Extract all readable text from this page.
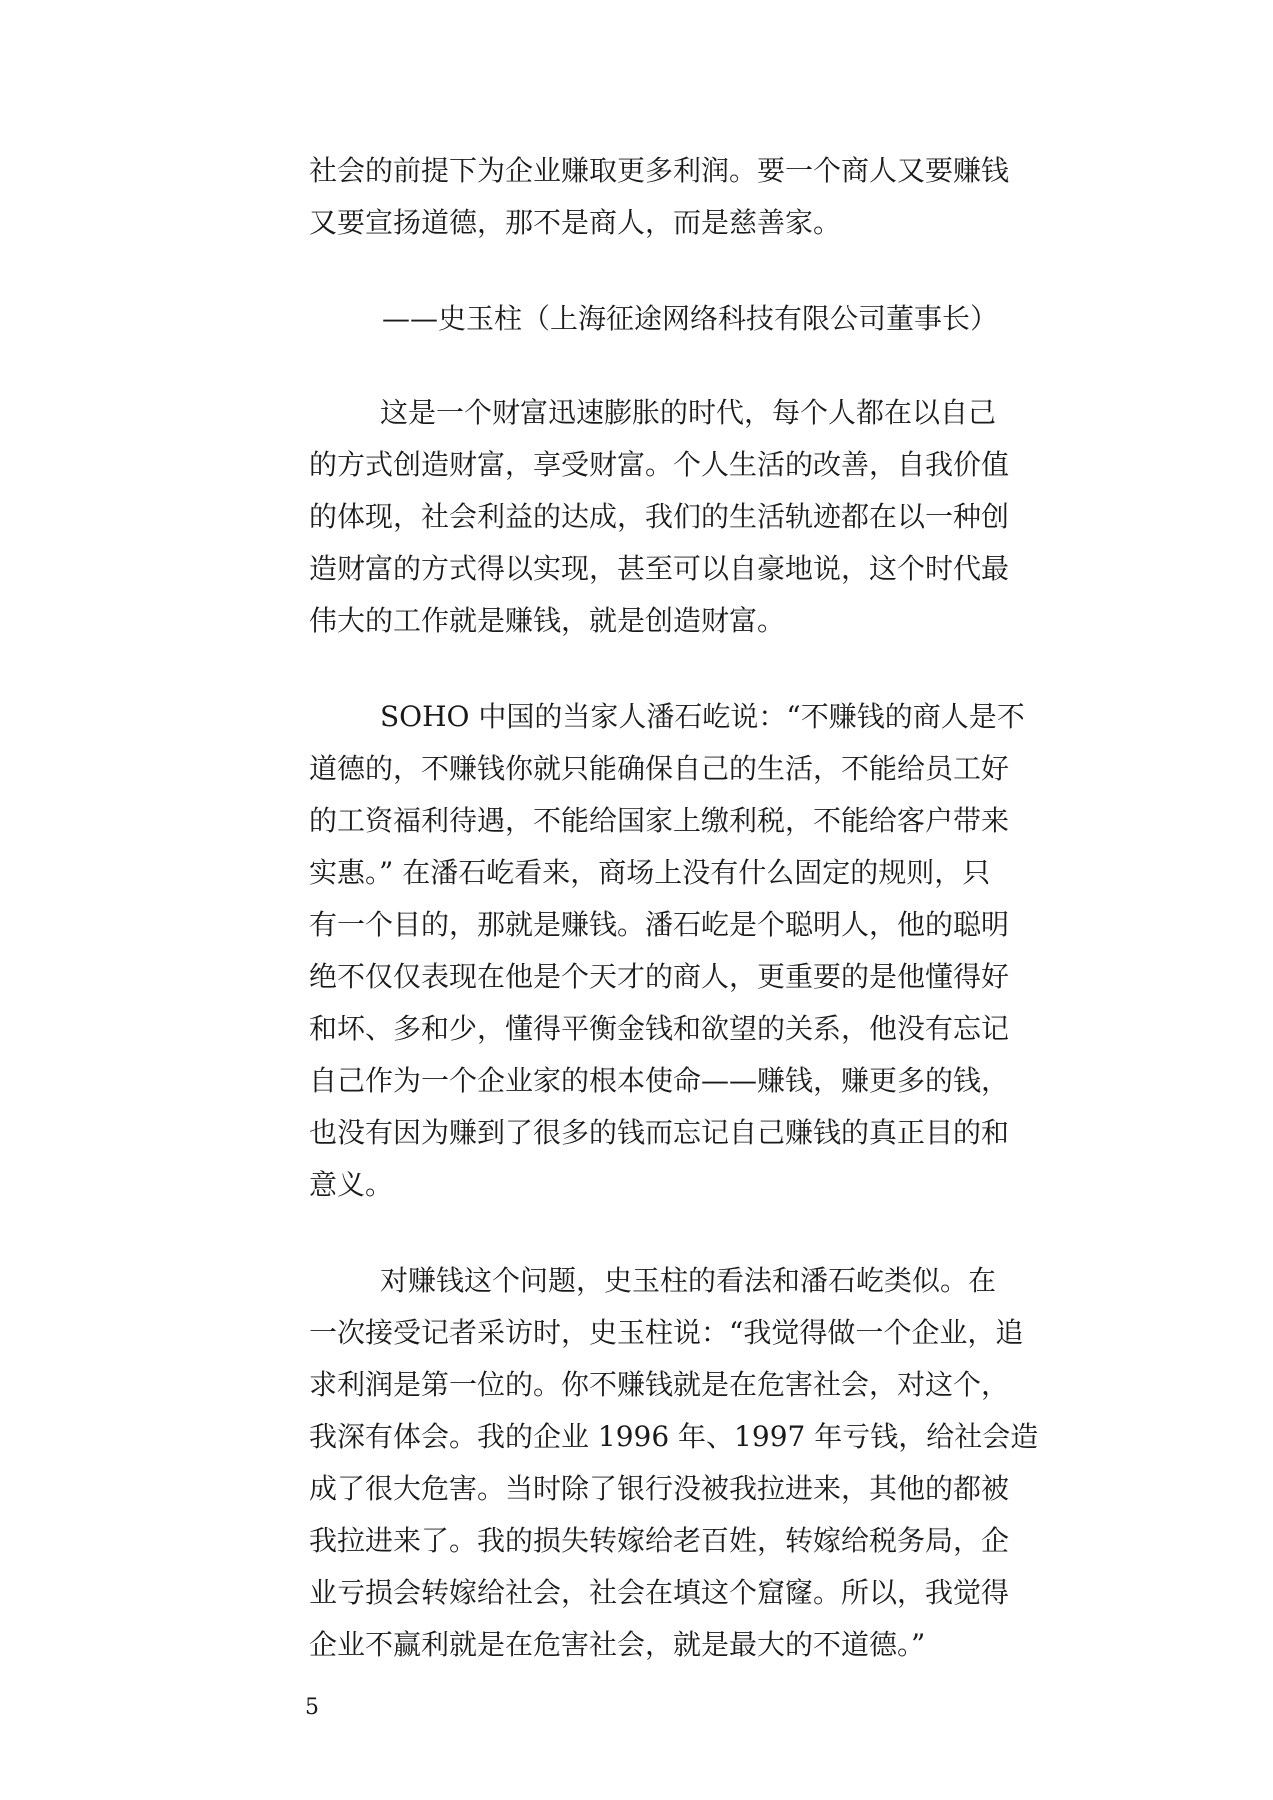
社会的前提下为企业赚取更多利润。要一个商人又要赚钱
又要宣扬道德，那不是商人，而是慈善家。
——史玉柱（上海征途网络科技有限公司董事长）
这是一个财富迅速膨胀的时代，每个人都在以自己
的方式创造财富，享受财富。个人生活的改善，自我价值
的体现，社会利益的达成，我们的生活轨迹都在以一种创
造财富的方式得以实现，甚至可以自豪地说，这个时代最
伟大的工作就是赚钱，就是创造财富。
SOHO 中国的当家人潘石屹说：“不赚钱的商人是不
道德的，不赚钱你就只能确保自己的生活，不能给员工好
的工资福利待遇，不能给国家上缴利税，不能给客户带来
实惠。” 在潘石屹看来，商场上没有什么固定的规则，只
有一个目的，那就是赚钱。潘石屹是个聪明人，他的聪明
绝不仅仅表现在他是个天才的商人，更重要的是他懂得好
和坏、多和少，懂得平衡金钱和欲望的关系，他没有忘记
自己作为一个企业家的根本使命——赚钱，赚更多的钱，
也没有因为赚到了很多的钱而忘记自己赚钱的真正目的和
意义。
对赚钱这个问题，史玉柱的看法和潘石屹类似。在
一次接受记者采访时，史玉柱说：“我觉得做一个企业，追
求利润是第一位的。你不赚钱就是在危害社会，对这个，
我深有体会。我的企业 1996 年、1997 年亏钱，给社会造
成了很大危害。当时除了银行没被我拉进来，其他的都被
我拉进来了。我的损失转嫁给老百姓，转嫁给税务局，企
业亏损会转嫁给社会，社会在填这个窟窿。所以，我觉得
企业不赢利就是在危害社会，就是最大的不道德。”
5
